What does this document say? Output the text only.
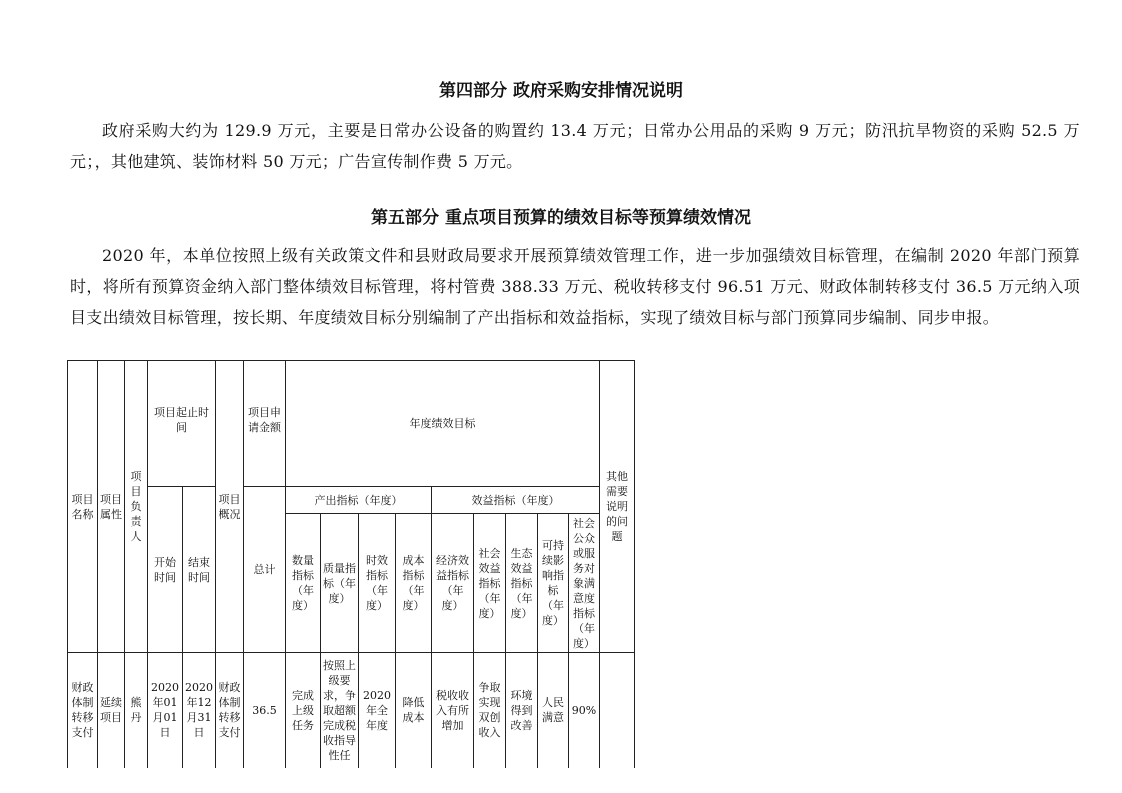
第四部分 政府采购安排情况说明

政府采购大约为 129.9 万元，主要是日常办公设备的购置约 13.4 万元；日常办公用品的采购 9 万元；防汛抗旱物资的采购 52.5 万元；，其他建筑、装饰材料 50 万元；广告宣传制作费 5 万元。

第五部分 重点项目预算的绩效目标等预算绩效情况

2020 年，本单位按照上级有关政策文件和县财政局要求开展预算绩效管理工作，进一步加强绩效目标管理，在编制 2020 年部门预算时，将所有预算资金纳入部门整体绩效目标管理，将村管费 388.33 万元、税收转移支付 96.51 万元、财政体制转移支付 36.5 万元纳入项目支出绩效目标管理，按长期、年度绩效目标分别编制了产出指标和效益指标，实现了绩效目标与部门预算同步编制、同步申报。

项目名称	项目属性	项目负责人	项目起止时间		项目概况	项目申请金额	年度绩效目标									其他需要说明的问题
			开始时间	结束时间		总计	产出指标（年度）				效益指标（年度）					
							数量指标（年度）	质量指标（年度）	时效指标（年度）	成本指标（年度）	经济效益指标（年度）	社会效益指标（年度）	生态效益指标（年度）	可持续影响指标（年度）	社会公众或服务对象满意度指标（年度）	
财政体制转移支付	延续项目	熊丹	2020年01月01日	2020年12月31日	财政体制转移支付	36.5	完成上级任务	按照上级要求，争取超额完成税收指导性任	2020年全年度	降低成本	税收收入有所增加	争取实现双创收入	环境得到改善	人民满意	90%	
